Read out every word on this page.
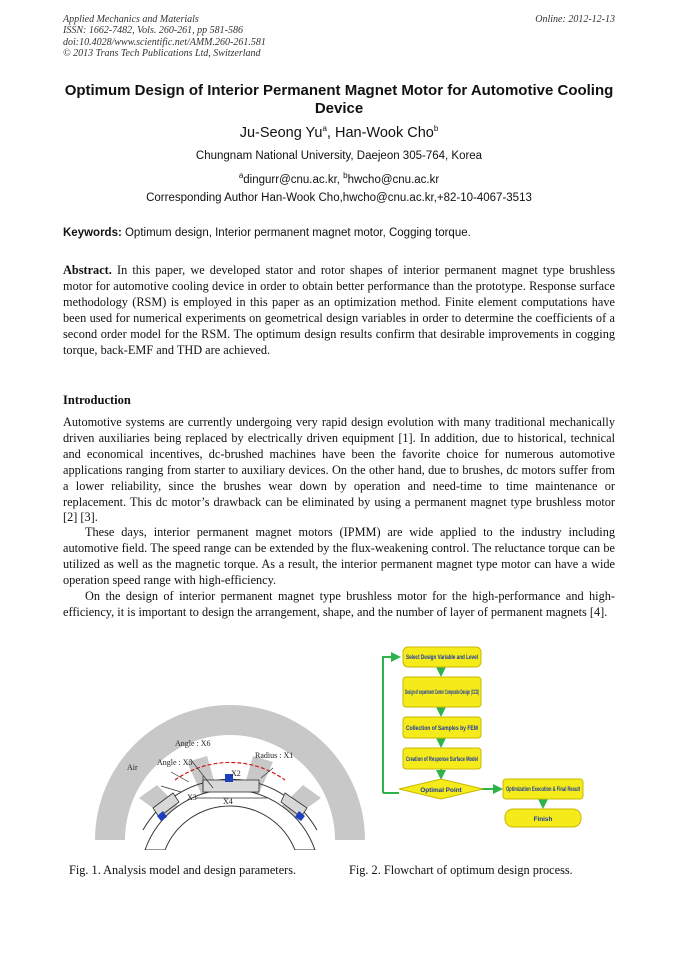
Applied Mechanics and Materials
ISSN: 1662-7482, Vols. 260-261, pp 581-586
doi:10.4028/www.scientific.net/AMM.260-261.581
© 2013 Trans Tech Publications Ltd, Switzerland
Online: 2012-12-13
Optimum Design of Interior Permanent Magnet Motor for Automotive Cooling Device
Ju-Seong Yu$^a$, Han-Wook Cho$^b$
Chungnam National University, Daejeon 305-764, Korea
$^a$dingurr@cnu.ac.kr, $^b$hwcho@cnu.ac.kr
Corresponding Author Han-Wook Cho,hwcho@cnu.ac.kr,+82-10-4067-3513
Keywords: Optimum design, Interior permanent magnet motor, Cogging torque.
Abstract. In this paper, we developed stator and rotor shapes of interior permanent magnet type brushless motor for automotive cooling device in order to obtain better performance than the prototype. Response surface methodology (RSM) is employed in this paper as an optimization method. Finite element computations have been used for numerical experiments on geometrical design variables in order to determine the coefficients of a second order model for the RSM. The optimum design results confirm that desirable improvements in cogging torque, back-EMF and THD are achieved.
Introduction
Automotive systems are currently undergoing very rapid design evolution with many traditional mechanically driven auxiliaries being replaced by electrically driven equipment [1]. In addition, due to historical, technical and economical incentives, dc-brushed machines have been the favorite choice for numerous automotive applications ranging from starter to auxiliary devices. On the other hand, due to brushes, dc motors suffer from a lower reliability, since the brushes wear down by operation and need-time to time maintenance or replacement. This dc motor’s drawback can be eliminated by using a permanent magnet type brushless motor [2] [3].
These days, interior permanent magnet motors (IPMM) are wide applied to the industry including automotive field. The speed range can be extended by the flux-weakening control. The reluctance torque can be utilized as well as the magnetic torque. As a result, the interior permanent magnet type motor can have a wide operation speed range with high-efficiency.
On the design of interior permanent magnet type brushless motor for the high-performance and high-efficiency, it is important to design the arrangement, shape, and the number of layer of permanent magnets [4].
Angle : X6
Radius : X1
Air
Angle : X5
X2
X3	X4
Select Design Variable and Level
Design of experiment Center Composite Design (CCD)
Collection of Samples by FEM
Creation of Response Surface Model
Optimal Point	Optimization Execution & Final Result
Finish
Fig. 1. Analysis model and design parameters.	Fig. 2. Flowchart of optimum design process.
